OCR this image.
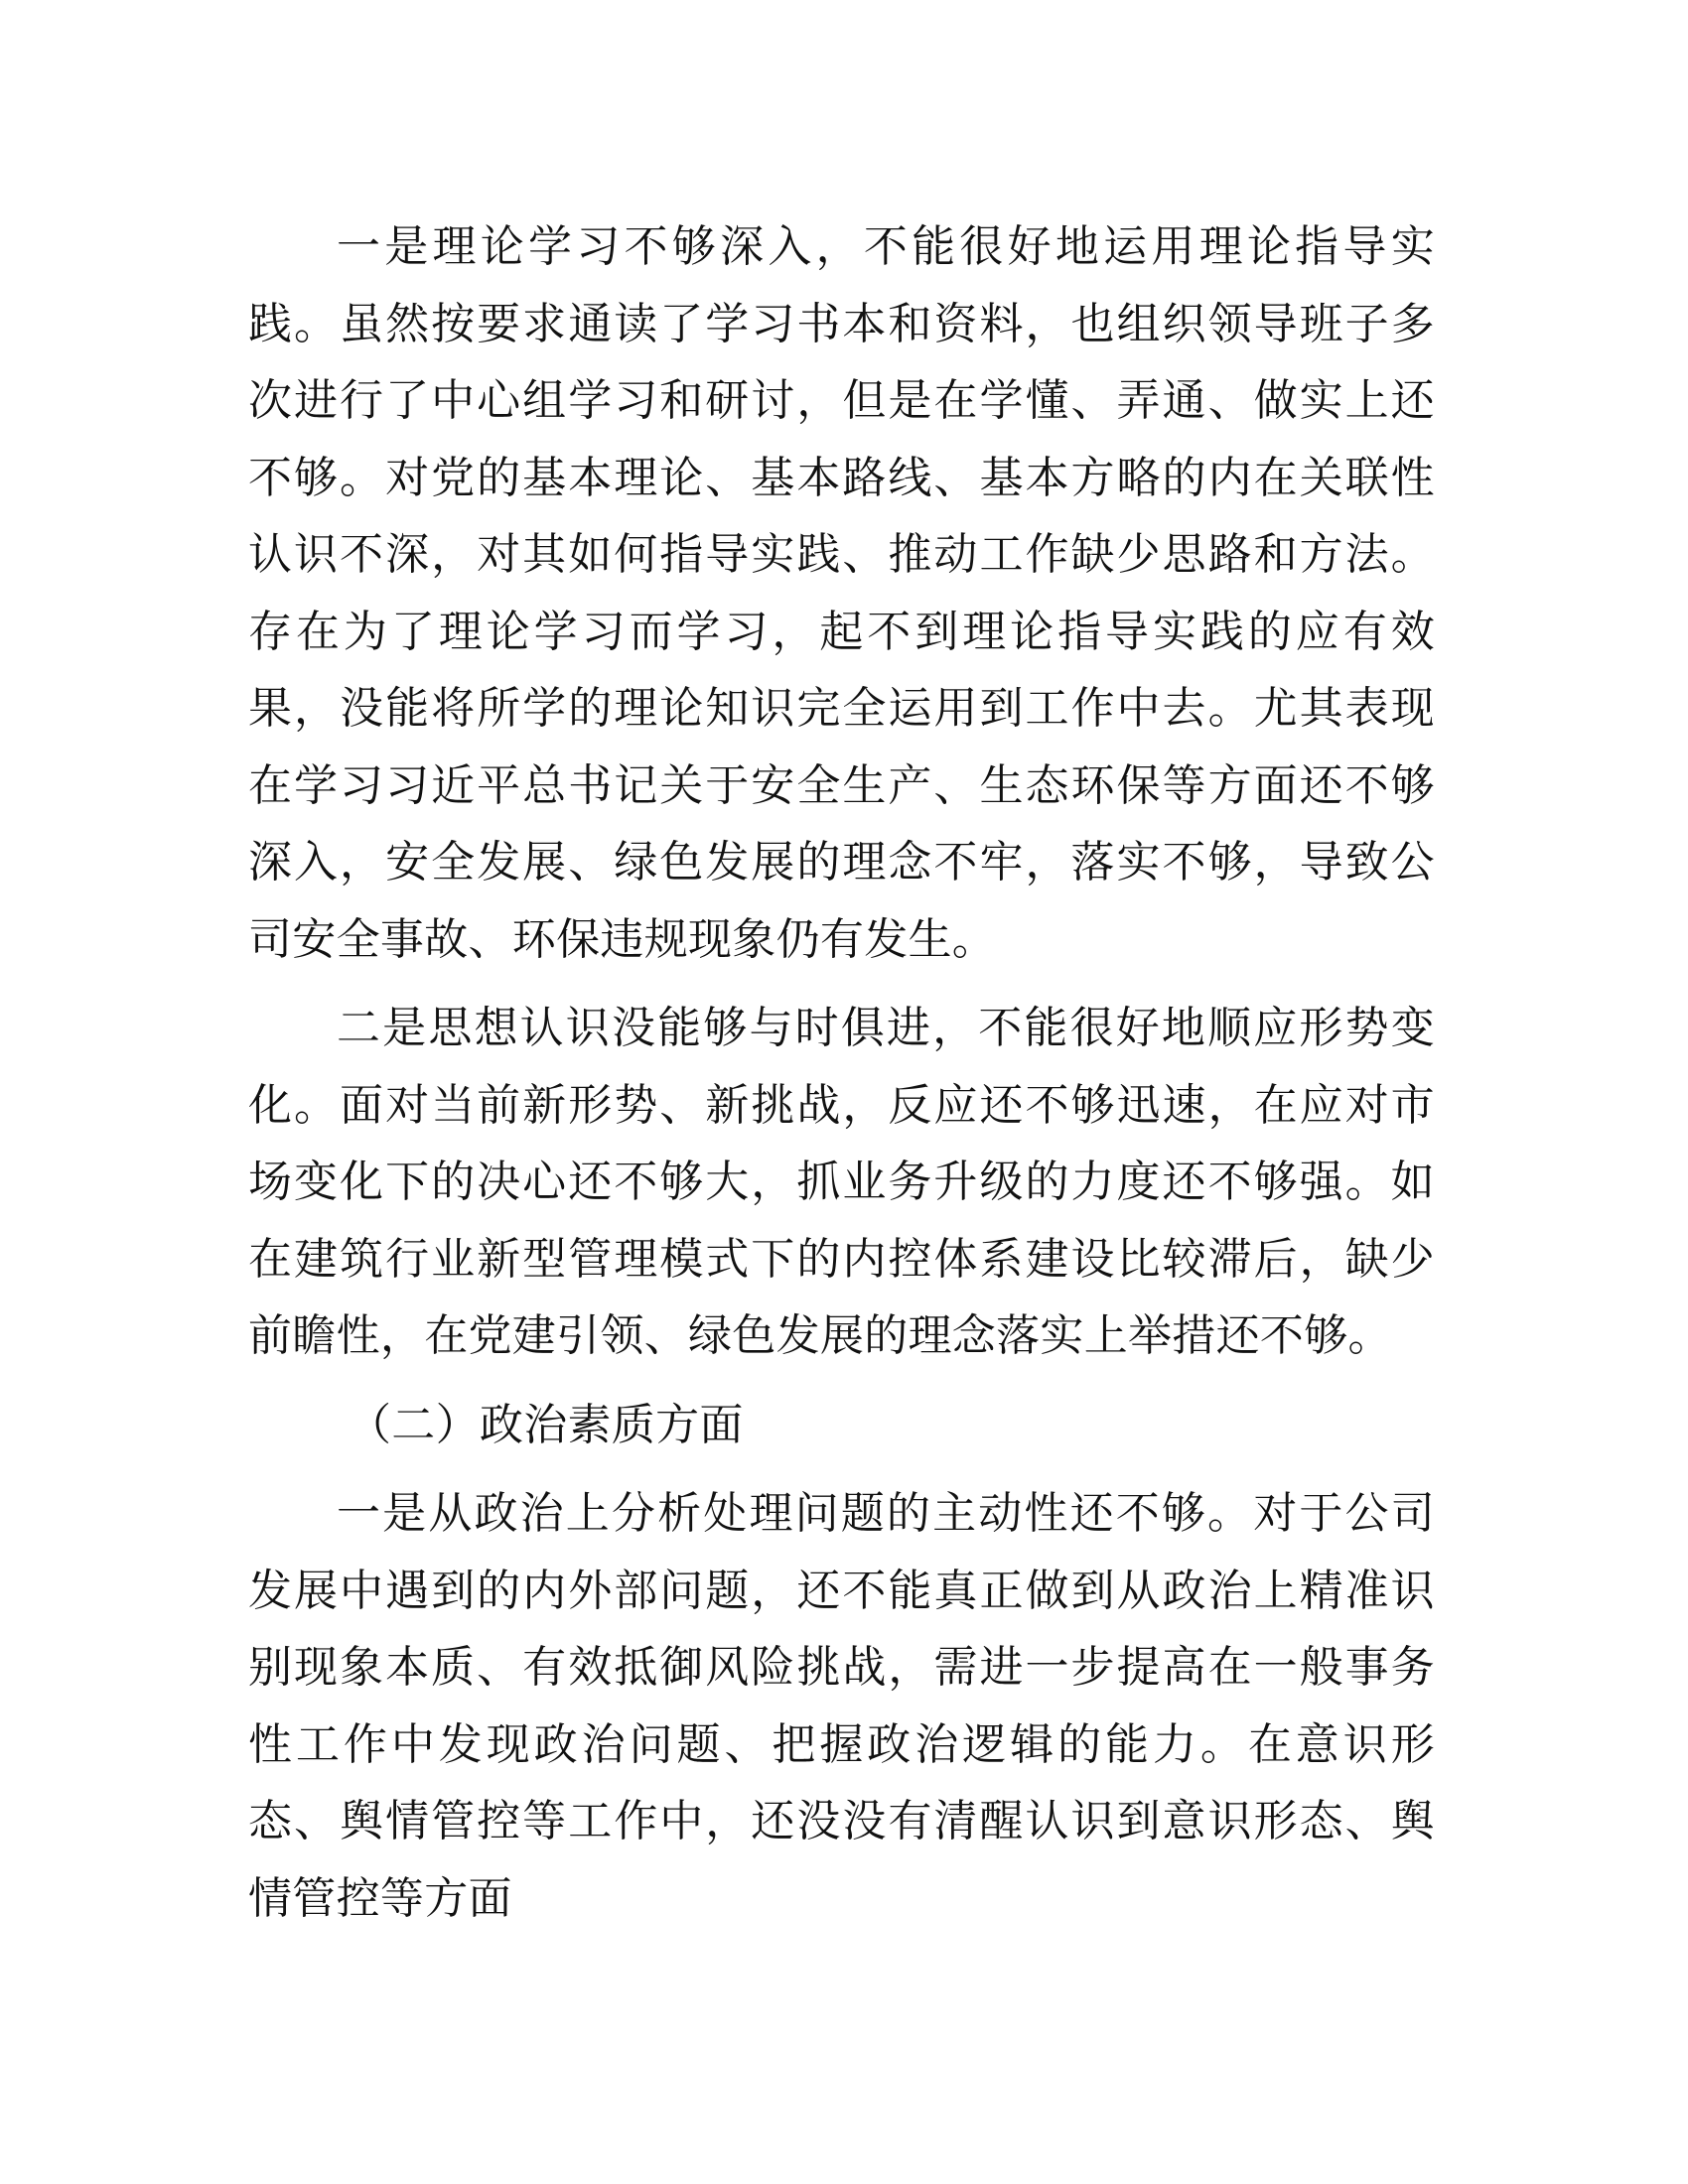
一是理论学习不够深入，不能很好地运用理论指导实践。虽然按要求通读了学习书本和资料，也组织领导班子多次进行了中心组学习和研讨，但是在学懂、弄通、做实上还不够。对党的基本理论、基本路线、基本方略的内在关联性认识不深，对其如何指导实践、推动工作缺少思路和方法。存在为了理论学习而学习，起不到理论指导实践的应有效果，没能将所学的理论知识完全运用到工作中去。尤其表现在学习习近平总书记关于安全生产、生态环保等方面还不够深入，安全发展、绿色发展的理念不牢，落实不够，导致公司安全事故、环保违规现象仍有发生。

二是思想认识没能够与时俱进，不能很好地顺应形势变化。面对当前新形势、新挑战，反应还不够迅速，在应对市场变化下的决心还不够大，抓业务升级的力度还不够强。如在建筑行业新型管理模式下的内控体系建设比较滞后，缺少前瞻性，在党建引领、绿色发展的理念落实上举措还不够。

（二）政治素质方面

一是从政治上分析处理问题的主动性还不够。对于公司发展中遇到的内外部问题，还不能真正做到从政治上精准识别现象本质、有效抵御风险挑战，需进一步提高在一般事务性工作中发现政治问题、把握政治逻辑的能力。在意识形态、舆情管控等工作中，还没没有清醒认识到意识形态、舆情管控等方面
